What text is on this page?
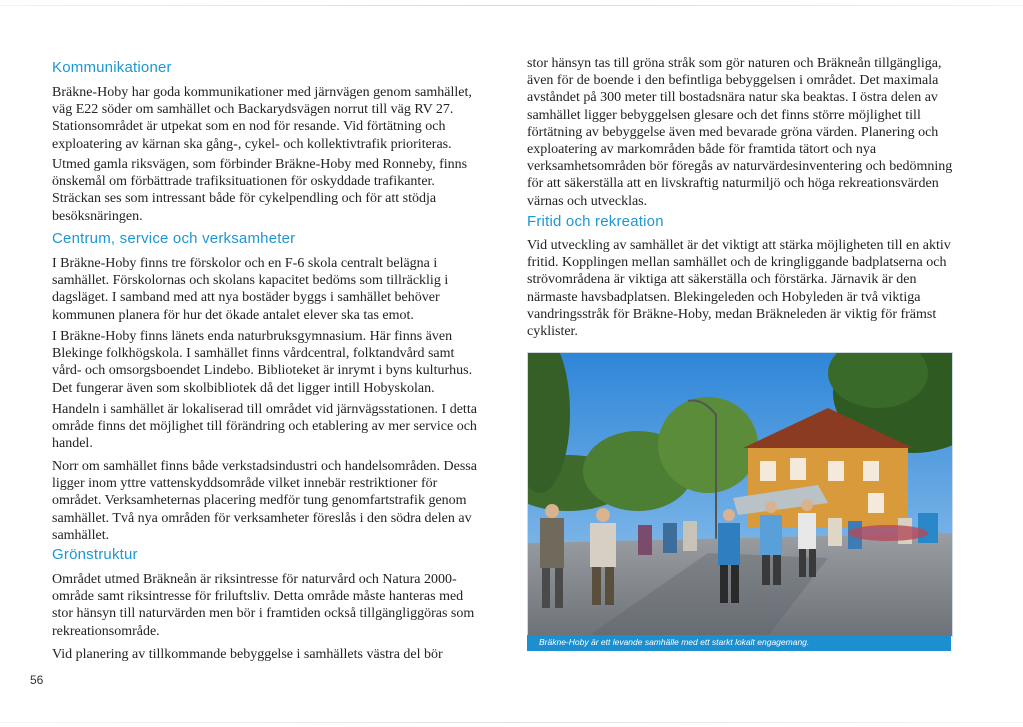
Kommunikationer

Bräkne-Hoby har goda kommunikationer med järnvägen genom samhället, väg E22 söder om samhället och Backarydsvägen norrut till väg RV 27. Stationsområdet är utpekat som en nod för resande. Vid förtätning och exploatering av kärnan ska gång-, cykel- och kollektivtrafik prioriteras.

Utmed gamla riksvägen, som förbinder Bräkne-Hoby med Ronneby, finns önskemål om förbättrade trafiksituationen för oskyddade trafikanter. Sträckan ses som intressant både för cykelpendling och för att stödja besöksnäringen.

Centrum, service och verksamheter

I Bräkne-Hoby finns tre förskolor och en F-6 skola centralt belägna i samhället. Förskolornas och skolans kapacitet bedöms som tillräcklig i dagsläget. I samband med att nya bostäder byggs i samhället behöver kommunen planera för hur det ökade antalet elever ska tas emot.

I Bräkne-Hoby finns länets enda naturbruksgymnasium. Här finns även Blekinge folkhögskola. I samhället finns vårdcentral, folktandvård samt vård- och omsorgsboendet Lindebo. Biblioteket är inrymt i byns kulturhus. Det fungerar även som skolbibliotek då det ligger intill Hobyskolan.

Handeln i samhället är lokaliserad till området vid järnvägsstationen. I detta område finns det möjlighet till förändring och etablering av mer service och handel.

Norr om samhället finns både verkstadsindustri och handelsområden. Dessa ligger inom yttre vattenskyddsområde vilket innebär restriktioner för området. Verksamheternas placering medför tung genomfartstrafik genom samhället. Två nya områden för verksamheter föreslås i den södra delen av samhället.

Grönstruktur

Området utmed Bräkneån är riksintresse för naturvård och Natura 2000-område samt riksintresse för friluftsliv. Detta område måste hanteras med stor hänsyn till naturvärden men bör i framtiden också tillgängliggöras som rekreationsområde.

Vid planering av tillkommande bebyggelse i samhällets västra del bör

stor hänsyn tas till gröna stråk som gör naturen och Bräkneån tillgängliga, även för de boende i den befintliga bebyggelsen i området. Det maximala avståndet på 300 meter till bostadsnära natur ska beaktas. I östra delen av samhället ligger bebyggelsen glesare och det finns större möjlighet till förtätning av bebyggelse även med bevarade gröna värden. Planering och exploatering av markområden både för framtida tätort och nya verksamhetsområden bör föregås av naturvärdesinventering och bedömning för att säkerställa att en livskraftig naturmiljö och höga rekreationsvärden värnas och utvecklas.

Fritid och rekreation

Vid utveckling av samhället är det viktigt att stärka möjligheten till en aktiv fritid. Kopplingen mellan samhället och de kringliggande badplatserna och strövområdena är viktiga att säkerställa och förstärka. Järnavik är den närmaste havsbadplatsen. Blekingeleden och Hobyleden är två viktiga vandringsstråk för Bräkne-Hoby, medan Bräkneleden är viktig för främst cyklister.

Bräkne-Hoby är ett levande samhälle med ett starkt lokalt engagemang.
56
